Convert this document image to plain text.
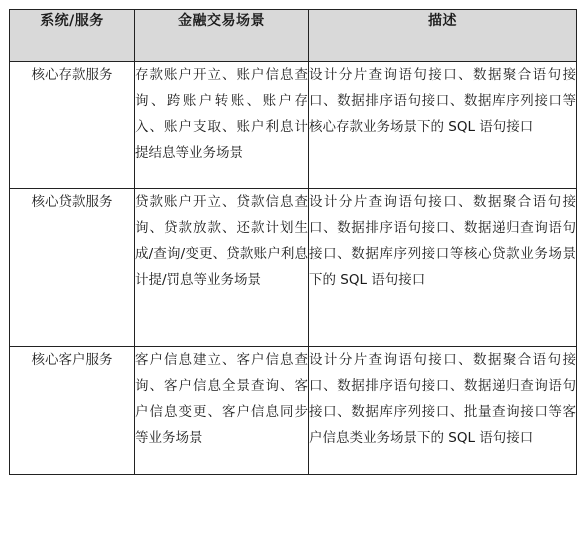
系统/服务	金融交易场景	描述
核心存款服务	存款账户开立、账户信息查询、跨账户转账、账户存入、账户支取、账户利息计提结息等业务场景	设计分片查询语句接口、数据聚合语句接口、数据排序语句接口、数据库序列接口等核心存款业务场景下的 SQL 语句接口
核心贷款服务	贷款账户开立、贷款信息查询、贷款放款、还款计划生成/查询/变更、贷款账户利息计提/罚息等业务场景	设计分片查询语句接口、数据聚合语句接口、数据排序语句接口、数据递归查询语句接口、数据库序列接口等核心贷款业务场景下的 SQL 语句接口
核心客户服务	客户信息建立、客户信息查询、客户信息全景查询、客户信息变更、客户信息同步等业务场景	设计分片查询语句接口、数据聚合语句接口、数据排序语句接口、数据递归查询语句接口、数据库序列接口、批量查询接口等客户信息类业务场景下的 SQL 语句接口
